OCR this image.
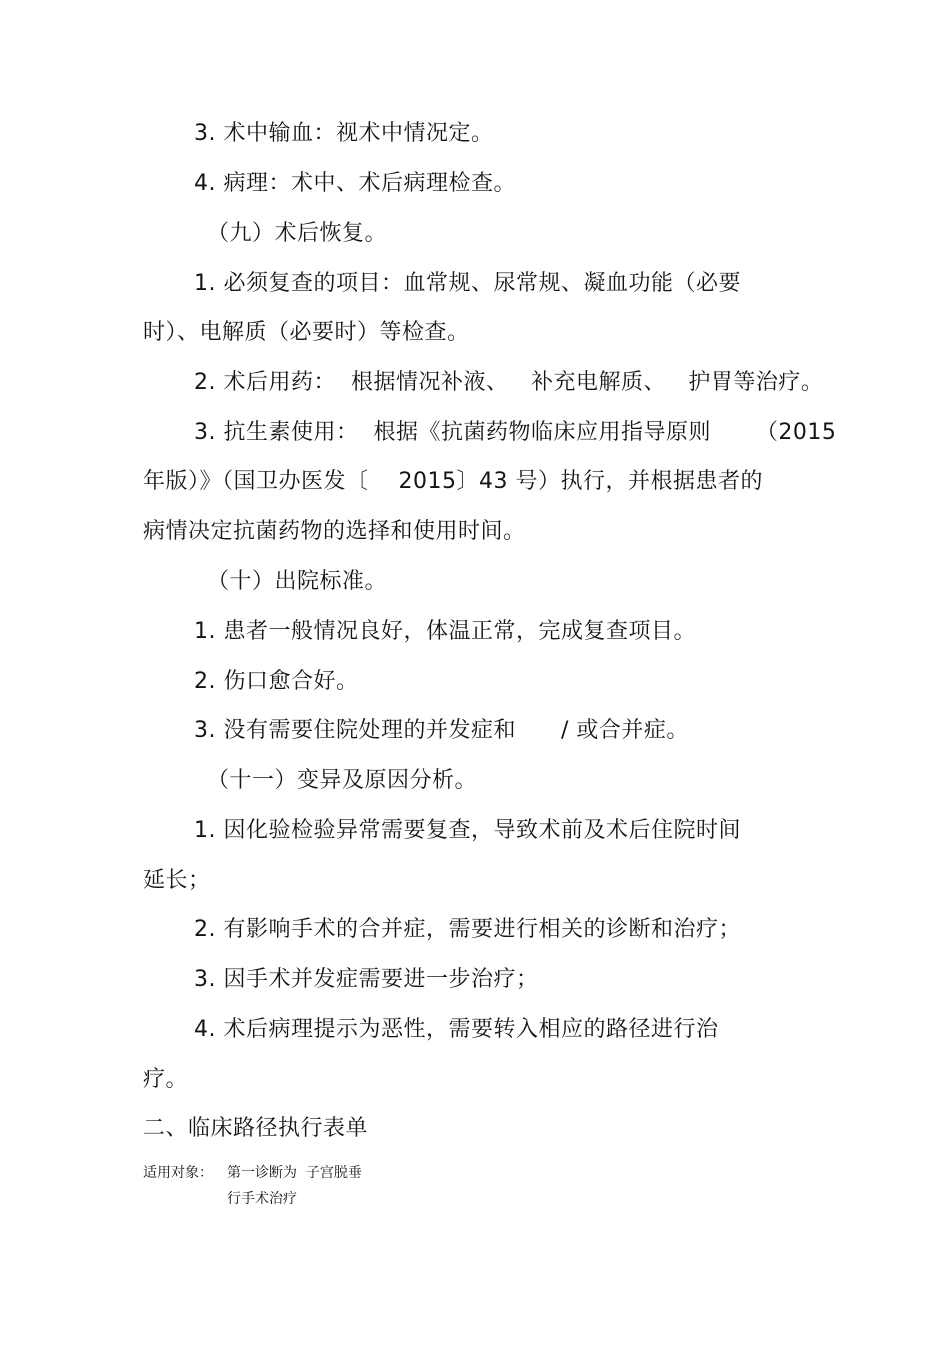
3. 术中输血：视术中情况定。
4. 病理：术中、术后病理检查。
（九）术后恢复。
1. 必须复查的项目：血常规、尿常规、凝血功能（必要
时）、电解质（必要时）等检查。
2. 术后用药：  根据情况补液、   补充电解质、   护胃等治疗。
3. 抗生素使用：  根据《抗菌药物临床应用指导原则      （2015
年版）》（国卫办医发〔    2015〕43 号）执行，并根据患者的
病情决定抗菌药物的选择和使用时间。
（十）出院标准。
1. 患者一般情况良好，体温正常，完成复查项目。
2. 伤口愈合好。
3. 没有需要住院处理的并发症和      / 或合并症。
（十一）变异及原因分析。
1. 因化验检验异常需要复查，导致术前及术后住院时间
延长；
2. 有影响手术的合并症，需要进行相关的诊断和治疗；
3. 因手术并发症需要进一步治疗；
4. 术后病理提示为恶性，需要转入相应的路径进行治
疗。
二、临床路径执行表单
适用对象： 第一诊断为  子宫脱垂
行手术治疗
